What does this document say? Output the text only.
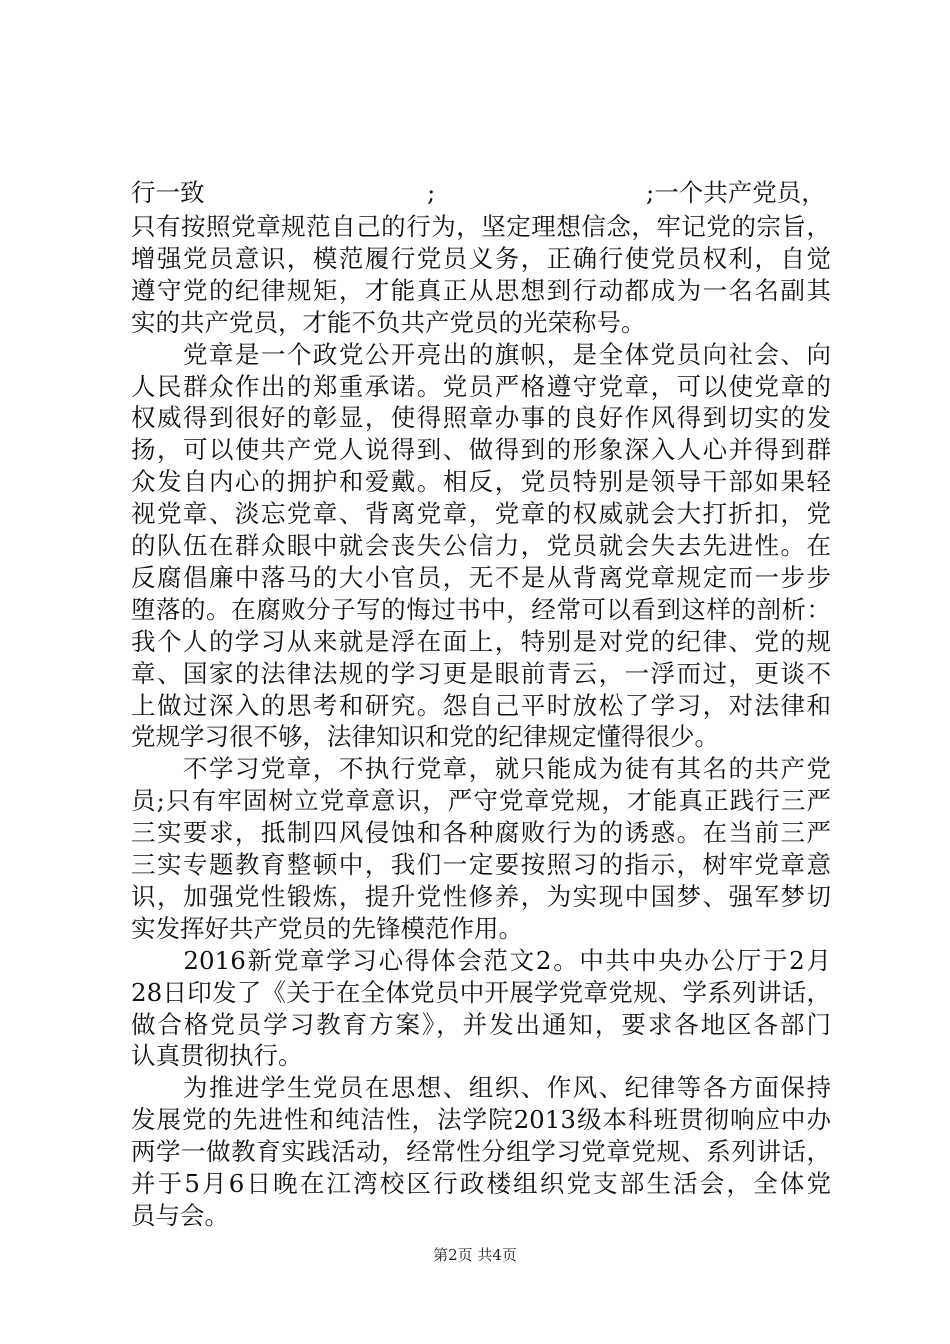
行一致	;	;一个共产党员，
只有按照党章规范自己的行为，坚定理想信念，牢记党的宗旨，
增强党员意识，模范履行党员义务，正确行使党员权利，自觉
遵守党的纪律规矩，才能真正从思想到行动都成为一名名副其
实的共产党员，才能不负共产党员的光荣称号。
　　党章是一个政党公开亮出的旗帜，是全体党员向社会、向
人民群众作出的郑重承诺。党员严格遵守党章，可以使党章的
权威得到很好的彰显，使得照章办事的良好作风得到切实的发
扬，可以使共产党人说得到、做得到的形象深入人心并得到群
众发自内心的拥护和爱戴。相反，党员特别是领导干部如果轻
视党章、淡忘党章、背离党章，党章的权威就会大打折扣，党
的队伍在群众眼中就会丧失公信力，党员就会失去先进性。在
反腐倡廉中落马的大小官员，无不是从背离党章规定而一步步
堕落的。在腐败分子写的悔过书中，经常可以看到这样的剖析：
我个人的学习从来就是浮在面上，特别是对党的纪律、党的规
章、国家的法律法规的学习更是眼前青云，一浮而过，更谈不
上做过深入的思考和研究。怨自己平时放松了学习，对法律和
党规学习很不够，法律知识和党的纪律规定懂得很少。
　　不学习党章，不执行党章，就只能成为徒有其名的共产党
员;只有牢固树立党章意识，严守党章党规，才能真正践行三严
三实要求，抵制四风侵蚀和各种腐败行为的诱惑。在当前三严
三实专题教育整顿中，我们一定要按照习的指示，树牢党章意
识，加强党性锻炼，提升党性修养，为实现中国梦、强军梦切
实发挥好共产党员的先锋模范作用。
　　2016新党章学习心得体会范文2。中共中央办公厅于2月
28日印发了《关于在全体党员中开展学党章党规、学系列讲话，
做合格党员学习教育方案》，并发出通知，要求各地区各部门
认真贯彻执行。
　　为推进学生党员在思想、组织、作风、纪律等各方面保持
发展党的先进性和纯洁性，法学院2013级本科班贯彻响应中办
两学一做教育实践活动，经常性分组学习党章党规、系列讲话，
并于5月6日晚在江湾校区行政楼组织党支部生活会，全体党
员与会。
第2页 共4页
